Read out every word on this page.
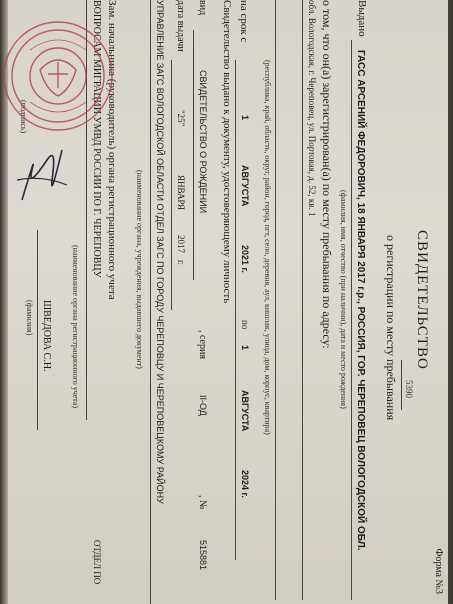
Форма №3
СВИДЕТЕЛЬСТВО
5390
о регистрации по месту пребывания
Выдано
ГАСС АРСЕНИЙ ФЕДОРОВИЧ, 18 ЯНВАРЯ 2017 г.р., РОССИЯ, ГОР. ЧЕРЕПОВЕЦ ВОЛОГОДСКОЙ ОБЛ.
(фамилия, имя, отчество (при наличии), дата и место рождения)
о том, что он(а) зарегистрирован(а) по месту пребывания по адресу:
обл. Вологодская, г. Череповец, ул. Портовая, д. 52, кв. 1
(республика, край, область, округ, район, город, пгт, село, деревня, аул, кишлак, улица, дом, корпус, квартира)
на срок с
1
АВГУСТА
2021 г.
по
1
АВГУСТА
2024 г.
Свидетельство выдано к документу, удостоверяющему личность
вид
СВИДЕТЕЛЬСТВО О РОЖДЕНИИ
, серия
II-ОД
, №
515881
дата выдачи
"25"
ЯНВАРЯ
2017
г.
УПРАВЛЕНИЕ ЗАГС ВОЛОГОДСКОЙ ОБЛАСТИ ОТДЕЛ ЗАГС ПО ГОРОДУ ЧЕРЕПОВЦУ И ЧЕРЕПОВЕЦКОМУ РАЙОНУ
(наименование органа, учреждения, выдавшего документ)
Зам. начальника (руководитель) органа регистрационного учета
ВОПРОСАМ МИГРАЦИИ УМВД РОССИИ ПО Г. ЧЕРЕПОВЦУ
(наименование органа регистрационного учета)
ОТДЕЛ ПО
ШВЕДОВА С.Н.
(фамилия)
(подпись)
